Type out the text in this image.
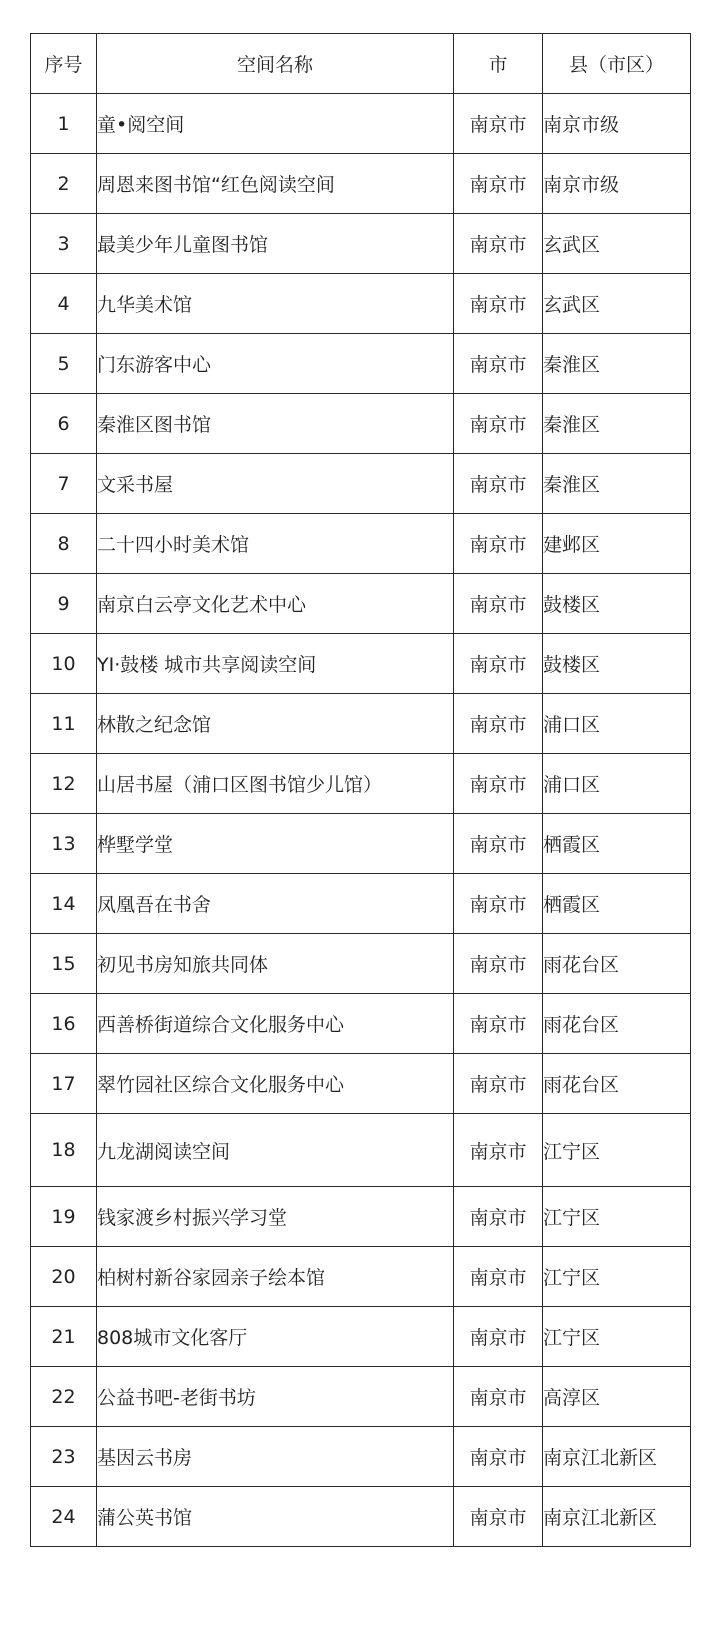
序号	空间名称	市	县（市区）
1	童•阅空间	南京市	南京市级
2	周恩来图书馆“红色阅读空间	南京市	南京市级
3	最美少年儿童图书馆	南京市	玄武区
4	九华美术馆	南京市	玄武区
5	门东游客中心	南京市	秦淮区
6	秦淮区图书馆	南京市	秦淮区
7	文采书屋	南京市	秦淮区
8	二十四小时美术馆	南京市	建邺区
9	南京白云亭文化艺术中心	南京市	鼓楼区
10	YI·鼓楼 城市共享阅读空间	南京市	鼓楼区
11	林散之纪念馆	南京市	浦口区
12	山居书屋（浦口区图书馆少儿馆）	南京市	浦口区
13	桦墅学堂	南京市	栖霞区
14	凤凰吾在书舍	南京市	栖霞区
15	初见书房知旅共同体	南京市	雨花台区
16	西善桥街道综合文化服务中心	南京市	雨花台区
17	翠竹园社区综合文化服务中心	南京市	雨花台区
18	九龙湖阅读空间	南京市	江宁区
19	钱家渡乡村振兴学习堂	南京市	江宁区
20	柏树村新谷家园亲子绘本馆	南京市	江宁区
21	808城市文化客厅	南京市	江宁区
22	公益书吧-老街书坊	南京市	高淳区
23	基因云书房	南京市	南京江北新区
24	蒲公英书馆	南京市	南京江北新区
